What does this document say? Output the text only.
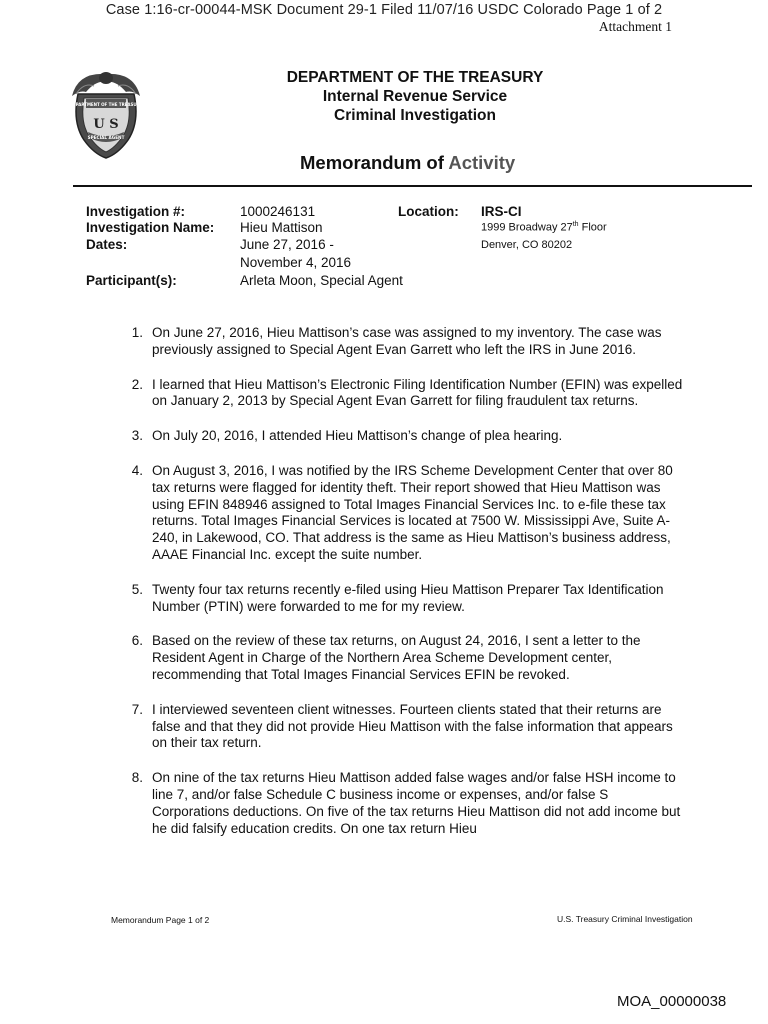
Case 1:16-cr-00044-MSK Document 29-1 Filed 11/07/16 USDC Colorado Page 1 of 2
Attachment 1
DEPARTMENT OF THE TREASURY
U S
SPECIAL AGENT
DEPARTMENT OF THE TREASURY
Internal Revenue Service
Criminal Investigation
Memorandum of Activity
Investigation #:	1000246131	Location: IRS-CI
Investigation Name: Hieu Mattison	1999 Broadway 27th Floor
Dates:	June 27, 2016 -	Denver, CO 80202
November 4, 2016
Participant(s):	Arleta Moon, Special Agent
1. On June 27, 2016, Hieu Mattison’s case was assigned to my inventory. The case was previously assigned to Special Agent Evan Garrett who left the IRS in June 2016.
2. I learned that Hieu Mattison’s Electronic Filing Identification Number (EFIN) was expelled on January 2, 2013 by Special Agent Evan Garrett for filing fraudulent tax returns.
3. On July 20, 2016, I attended Hieu Mattison’s change of plea hearing.
4. On August 3, 2016, I was notified by the IRS Scheme Development Center that over 80 tax returns were flagged for identity theft. Their report showed that Hieu Mattison was using EFIN 848946 assigned to Total Images Financial Services Inc. to e-file these tax returns. Total Images Financial Services is located at 7500 W. Mississippi Ave, Suite A-240, in Lakewood, CO. That address is the same as Hieu Mattison’s business address, AAAE Financial Inc. except the suite number.
5. Twenty four tax returns recently e-filed using Hieu Mattison Preparer Tax Identification Number (PTIN) were forwarded to me for my review.
6. Based on the review of these tax returns, on August 24, 2016, I sent a letter to the Resident Agent in Charge of the Northern Area Scheme Development center, recommending that Total Images Financial Services EFIN be revoked.
7. I interviewed seventeen client witnesses. Fourteen clients stated that their returns are false and that they did not provide Hieu Mattison with the false information that appears on their tax return.
8. On nine of the tax returns Hieu Mattison added false wages and/or false HSH income to line 7, and/or false Schedule C business income or expenses, and/or false S Corporations deductions. On five of the tax returns Hieu Mattison did not add income but he did falsify education credits. On one tax return Hieu
Memorandum Page 1 of 2	U.S. Treasury Criminal Investigation
MOA_00000038
